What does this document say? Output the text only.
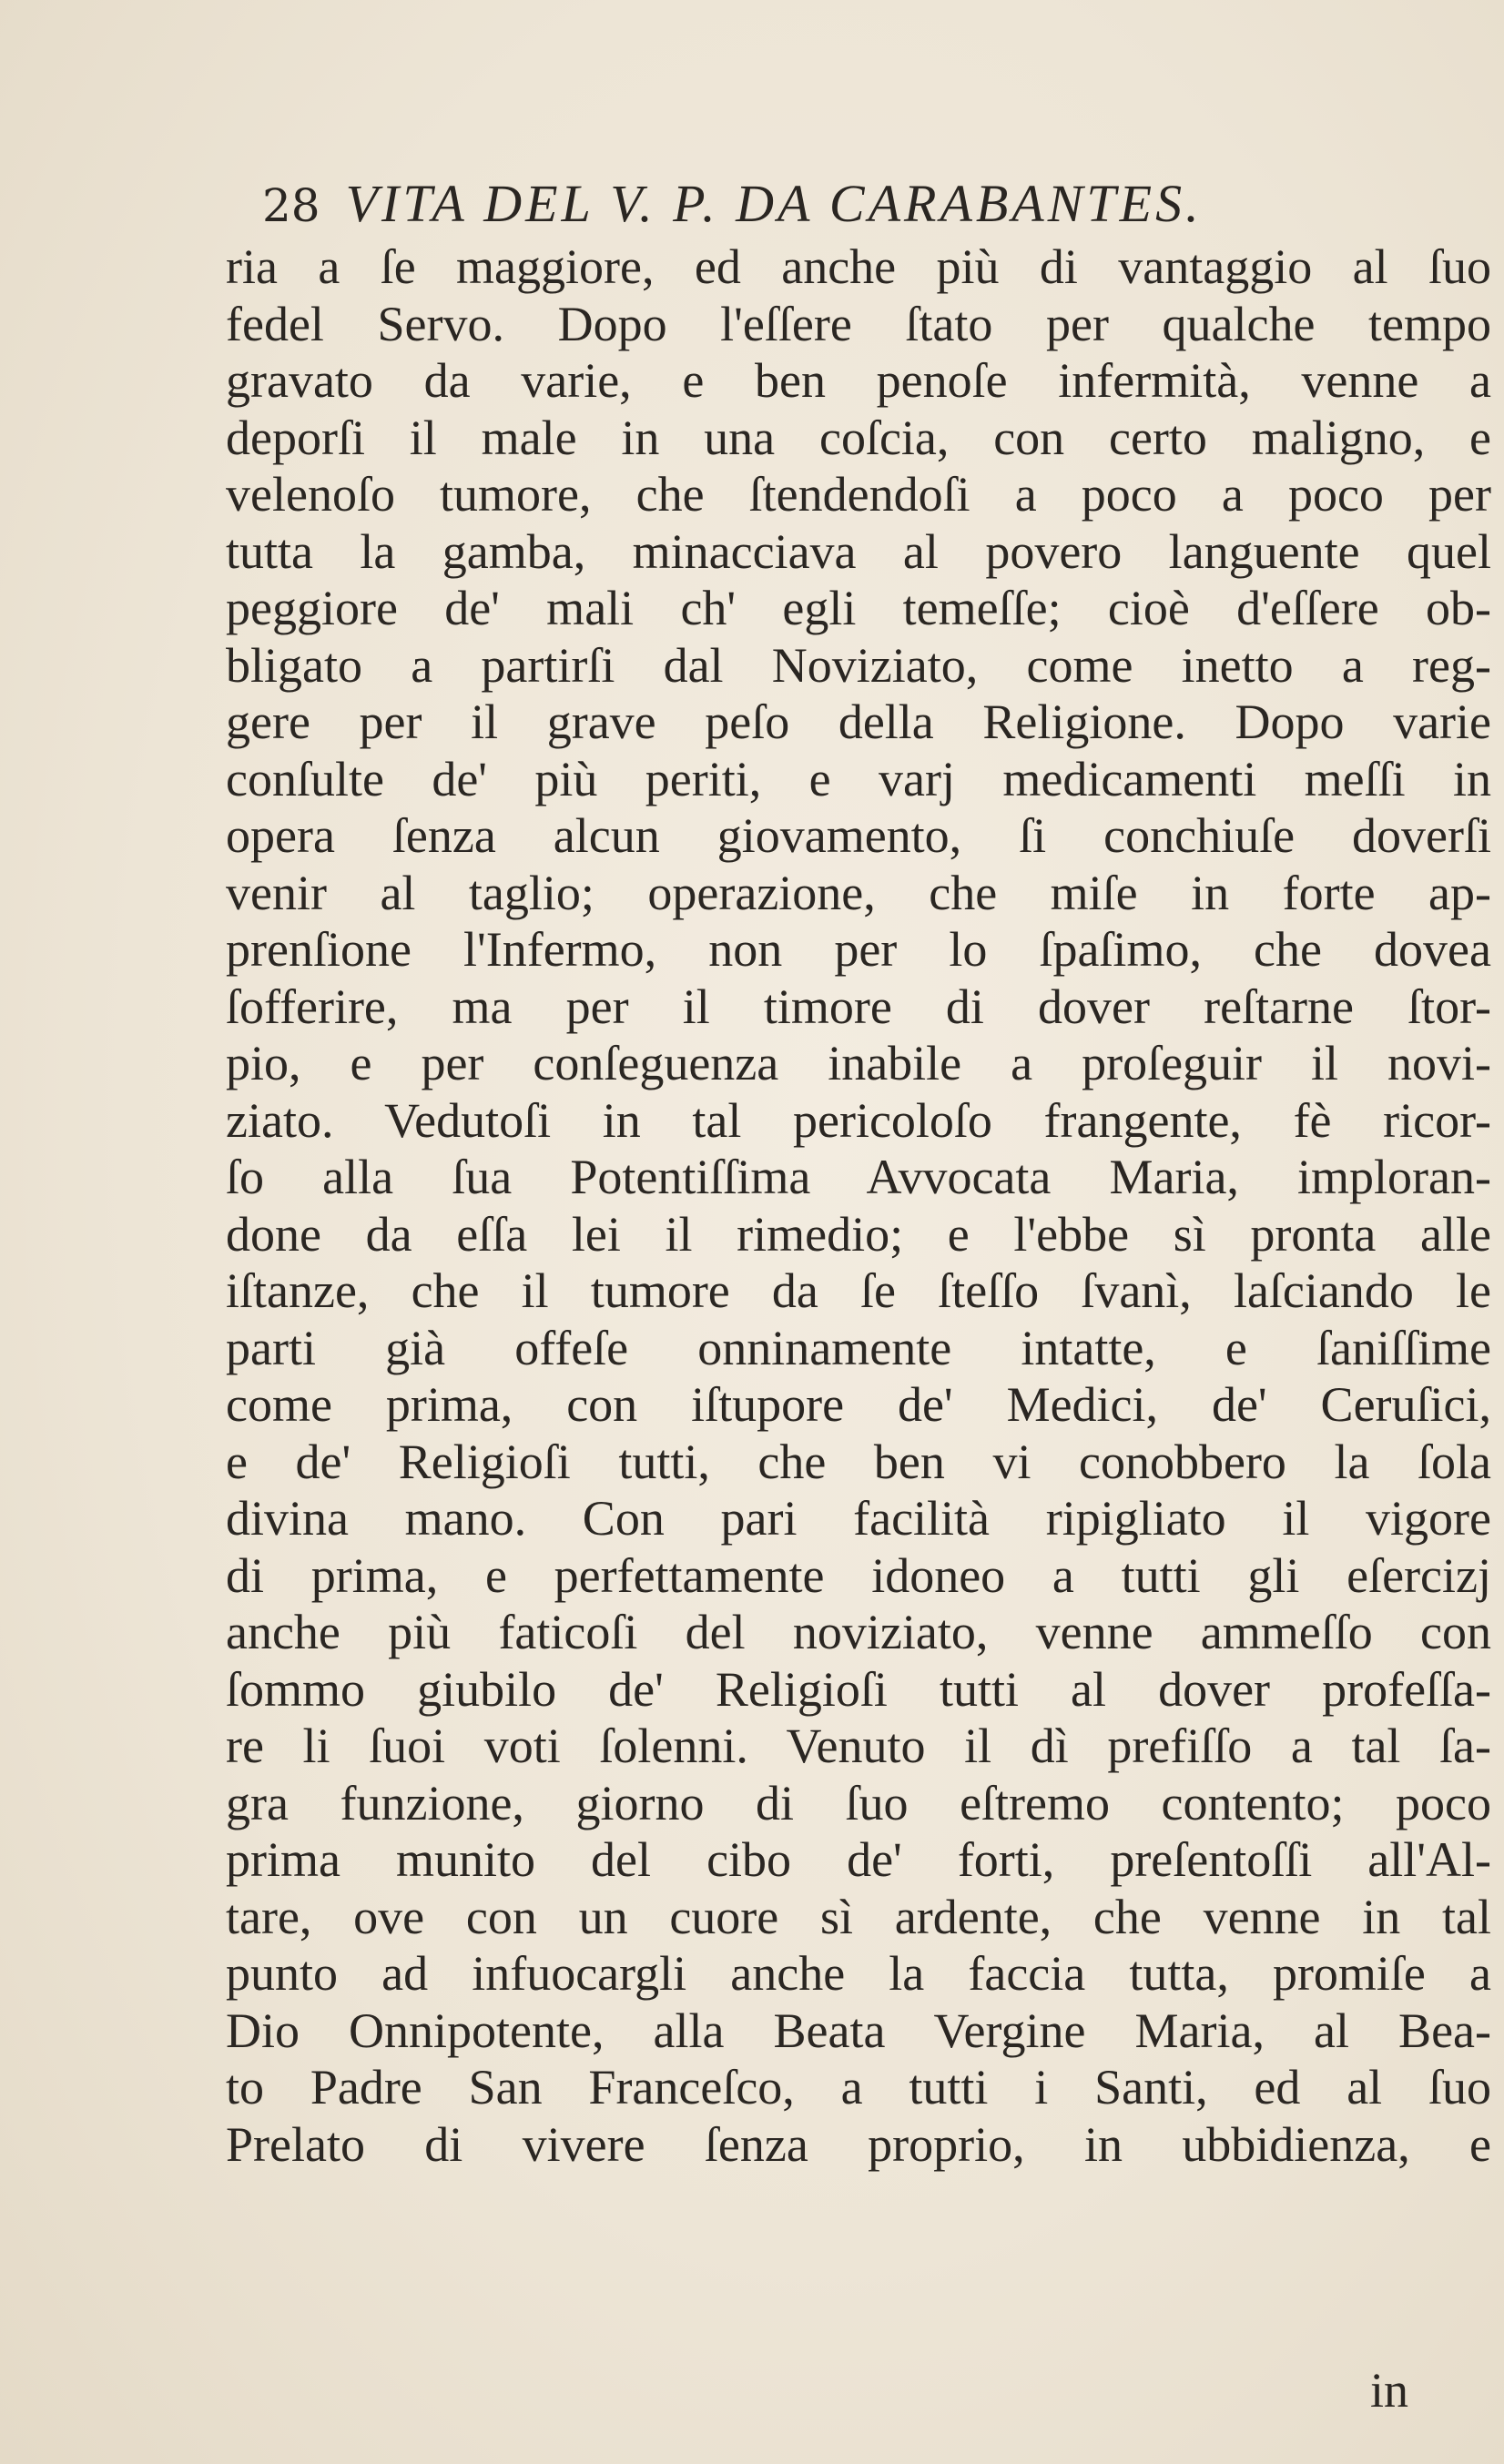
28 VITA DEL V. P. DA CARABANTES.
ria a ſe maggiore, ed anche più di vantaggio al ſuo
fedel Servo. Dopo l'eſſere ſtato per qualche tempo
gravato da varie, e ben penoſe infermità, venne a
deporſi il male in una coſcia, con certo maligno, e
velenoſo tumore, che ſtendendoſi a poco a poco per
tutta la gamba, minacciava al povero languente quel
peggiore de' mali ch' egli temeſſe; cioè d'eſſere ob-
bligato a partirſi dal Noviziato, come inetto a reg-
gere per il grave peſo della Religione. Dopo varie
conſulte de' più periti, e varj medicamenti meſſi in
opera ſenza alcun giovamento, ſi conchiuſe doverſi
venir al taglio; operazione, che miſe in forte ap-
prenſione l'Infermo, non per lo ſpaſimo, che dovea
ſofferire, ma per il timore di dover reſtarne ſtor-
pio, e per conſeguenza inabile a proſeguir il novi-
ziato. Vedutoſi in tal pericoloſo frangente, fè ricor-
ſo alla ſua Potentiſſima Avvocata Maria, imploran-
done da eſſa lei il rimedio; e l'ebbe sì pronta alle
iſtanze, che il tumore da ſe ſteſſo ſvanì, laſciando le
parti già offeſe onninamente intatte, e ſaniſſime
come prima, con iſtupore de' Medici, de' Ceruſici,
e de' Religioſi tutti, che ben vi conobbero la ſola
divina mano. Con pari facilità ripigliato il vigore
di prima, e perfettamente idoneo a tutti gli eſercizj
anche più faticoſi del noviziato, venne ammeſſo con
ſommo giubilo de' Religioſi tutti al dover profeſſa-
re li ſuoi voti ſolenni. Venuto il dì prefiſſo a tal ſa-
gra funzione, giorno di ſuo eſtremo contento; poco
prima munito del cibo de' forti, preſentoſſi all'Al-
tare, ove con un cuore sì ardente, che venne in tal
punto ad infuocargli anche la faccia tutta, promiſe a
Dio Onnipotente, alla Beata Vergine Maria, al Bea-
to Padre San Franceſco, a tutti i Santi, ed al ſuo
Prelato di vivere ſenza proprio, in ubbidienza, e
in
